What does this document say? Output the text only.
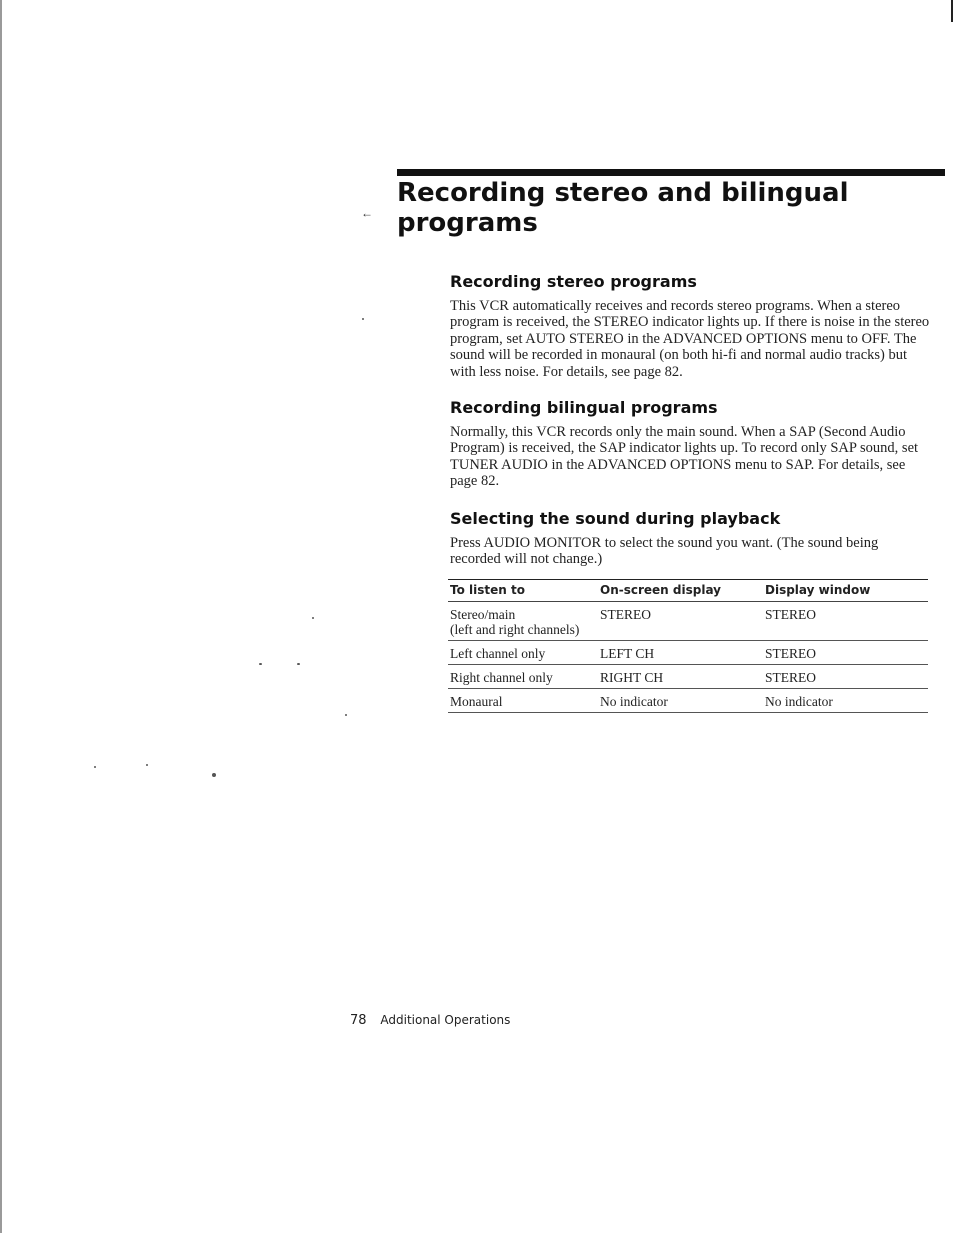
←
Recording stereo and bilingual programs
Recording stereo programs

This VCR automatically receives and records stereo programs. When a stereo program is received, the STEREO indicator lights up. If there is noise in the stereo program, set AUTO STEREO in the ADVANCED OPTIONS menu to OFF. The sound will be recorded in monaural (on both hi-fi and normal audio tracks) but with less noise. For details, see page 82.

Recording bilingual programs

Normally, this VCR records only the main sound. When a SAP (Second Audio Program) is received, the SAP indicator lights up. To record only SAP sound, set TUNER AUDIO in the ADVANCED OPTIONS menu to SAP. For details, see page 82.

Selecting the sound during playback

Press AUDIO MONITOR to select the sound you want. (The sound being recorded will not change.)

To listen to	On-screen display	Display window

Stereo/main
(left and right channels)	STEREO	STEREO
Left channel only	LEFT CH	STEREO
Right channel only	RIGHT CH	STEREO
Monaural	No indicator	No indicator
78 Additional Operations
